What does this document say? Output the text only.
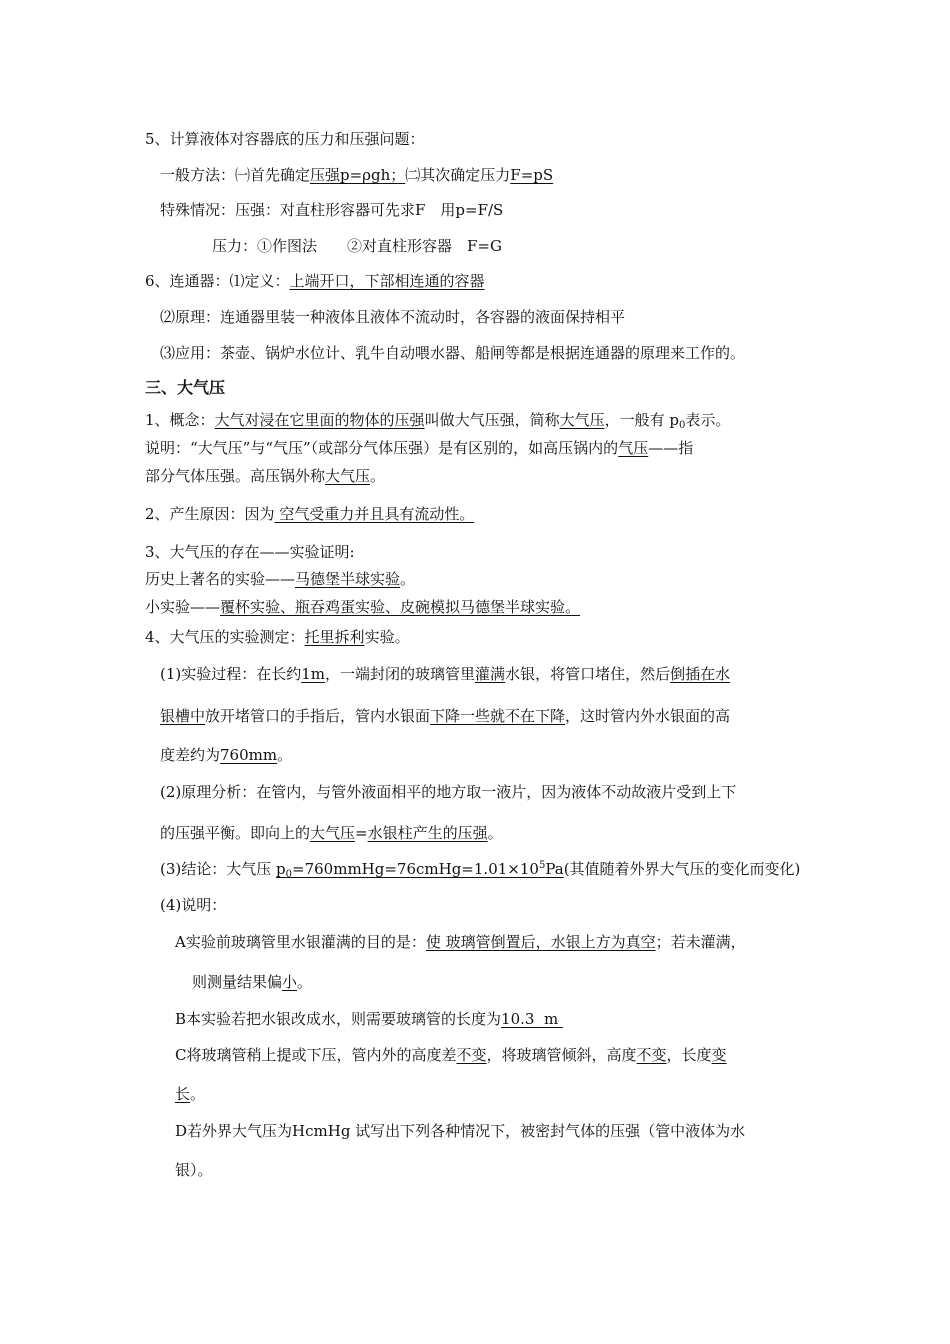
5、计算液体对容器底的压力和压强问题：
一般方法：㈠首先确定压强p=ρgh；㈡其次确定压力F=pS
特殊情况：压强：对直柱形容器可先求F　用p=F/S
压力：①作图法　　②对直柱形容器　F=G
6、连通器：⑴定义：上端开口，下部相连通的容器
⑵原理：连通器里装一种液体且液体不流动时，各容器的液面保持相平
⑶应用：茶壶、锅炉水位计、乳牛自动喂水器、船闸等都是根据连通器的原理来工作的。
三、大气压
1、概念：大气对浸在它里面的物体的压强叫做大气压强，简称大气压，一般有 $p_0$表示。
说明：“大气压”与“气压”（或部分气体压强）是有区别的，如高压锅内的气压——指
部分气体压强。高压锅外称大气压。
2、产生原因：因为 空气受重力并且具有流动性。
3、大气压的存在——实验证明:
历史上著名的实验——马德堡半球实验。
小实验——覆杯实验、瓶吞鸡蛋实验、皮碗模拟马德堡半球实验。
4、大气压的实验测定：托里拆利实验。
(1)实验过程：在长约1m，一端封闭的玻璃管里灌满水银，将管口堵住，然后倒插在水
银槽中放开堵管口的手指后，管内水银面下降一些就不在下降，这时管内外水银面的高
度差约为760mm。
(2)原理分析：在管内，与管外液面相平的地方取一液片，因为液体不动故液片受到上下
的压强平衡。即向上的大气压=水银柱产生的压强。
(3)结论：大气压 $p_0=760mmHg=76cmHg=1.01\times 10^5Pa$(其值随着外界大气压的变化而变化)
(4)说明：
A实验前玻璃管里水银灌满的目的是：使 玻璃管倒置后，水银上方为真空；若未灌满，
则测量结果偏小。
B本实验若把水银改成水，则需要玻璃管的长度为10.3  m
C将玻璃管稍上提或下压，管内外的高度差不变，将玻璃管倾斜，高度不变，长度变
长。
D若外界大气压为HcmHg 试写出下列各种情况下，被密封气体的压强（管中液体为水
银）。
